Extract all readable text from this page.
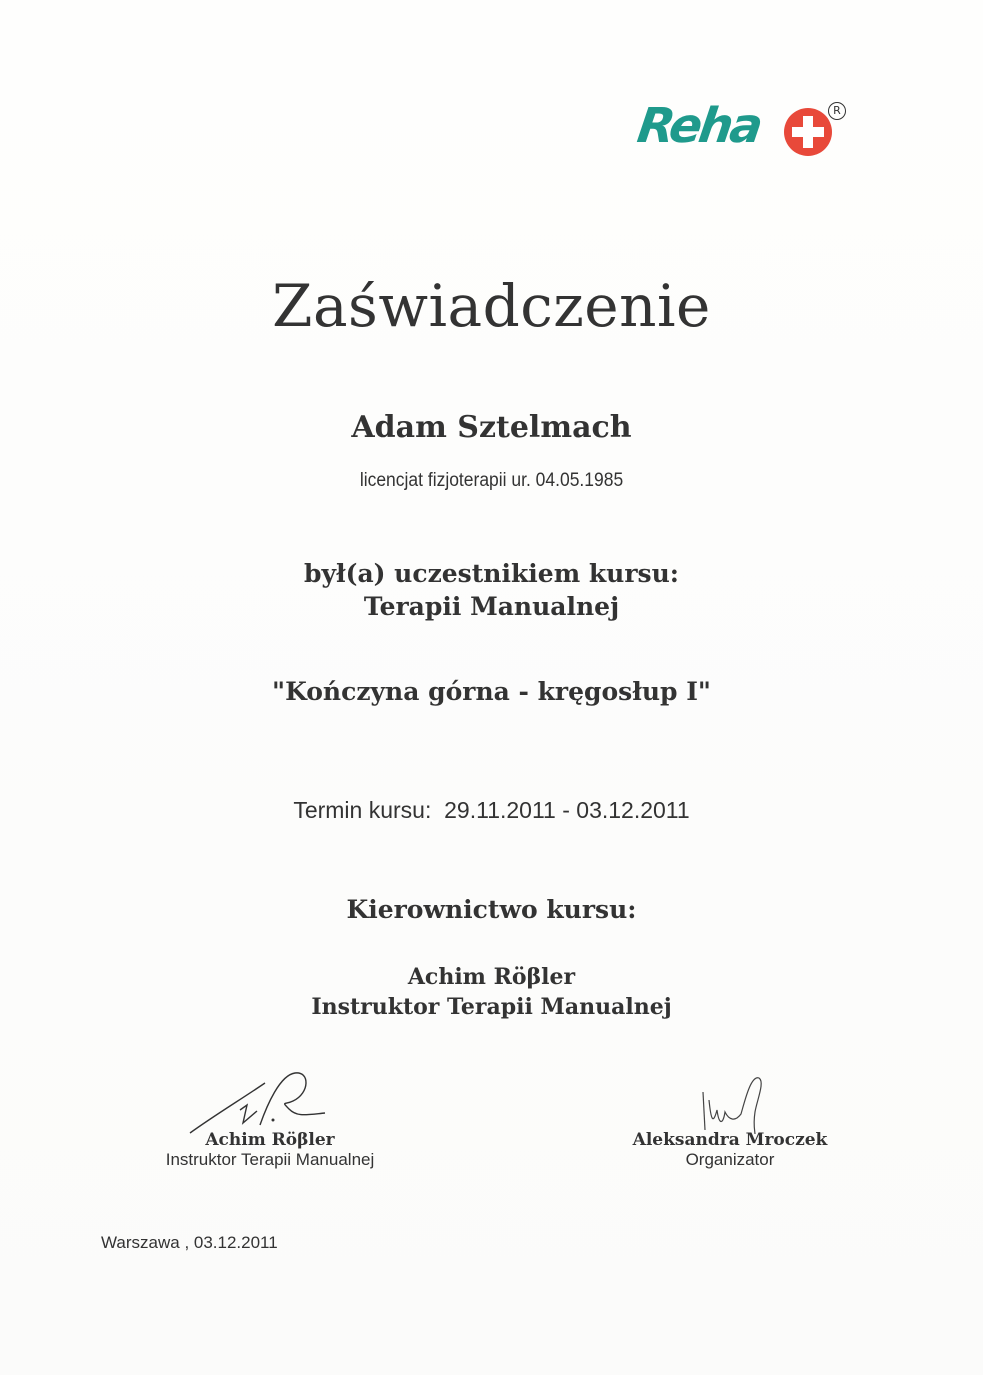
Reha	R
Zaświadczenie
Adam Sztelmach
licencjat fizjoterapii ur. 04.05.1985
był(a) uczestnikiem kursu:
Terapii Manualnej
"Kończyna górna - kręgosłup I"
Termin kursu: 29.11.2011 - 03.12.2011
Kierownictwo kursu:
Achim Röβler
Instruktor Terapii Manualnej
Achim Röβler
Instruktor Terapii Manualnej
Aleksandra Mroczek
Organizator
Warszawa , 03.12.2011
